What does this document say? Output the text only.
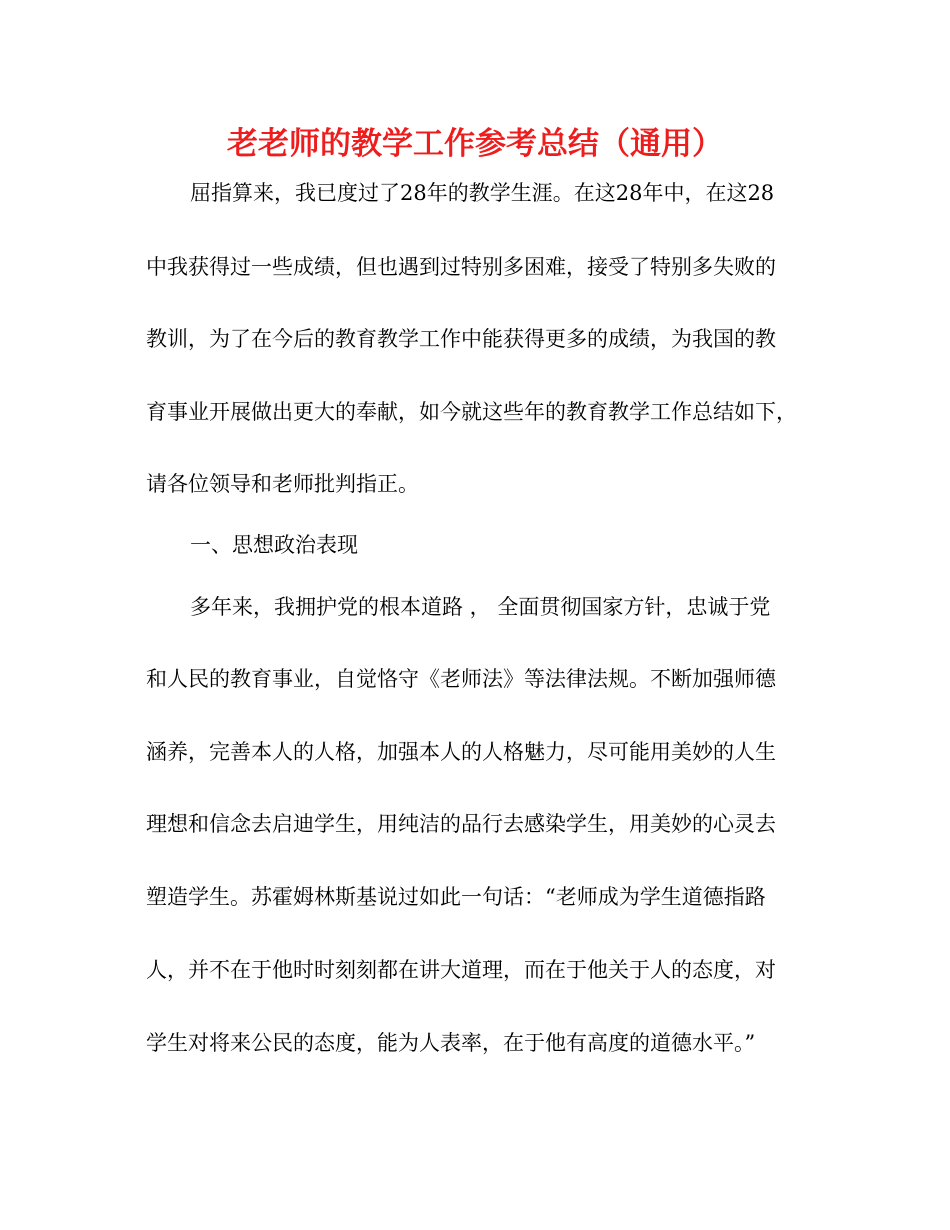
老老师的教学工作参考总结（通用）

屈指算来，我已度过了28年的教学生涯。在这28年中，在这28

中我获得过一些成绩，但也遇到过特别多困难，接受了特别多失败的

教训，为了在今后的教育教学工作中能获得更多的成绩，为我国的教

育事业开展做出更大的奉献，如今就这些年的教育教学工作总结如下，

请各位领导和老师批判指正。

一、思想政治表现

多年来，我拥护党的根本道路 ， 全面贯彻国家方针，忠诚于党

和人民的教育事业，自觉恪守《老师法》等法律法规。不断加强师德

涵养，完善本人的人格，加强本人的人格魅力，尽可能用美妙的人生

理想和信念去启迪学生，用纯洁的品行去感染学生，用美妙的心灵去

塑造学生。苏霍姆林斯基说过如此一句话：“老师成为学生道德指路

人，并不在于他时时刻刻都在讲大道理，而在于他关于人的态度，对

学生对将来公民的态度，能为人表率，在于他有高度的道德水平。”
